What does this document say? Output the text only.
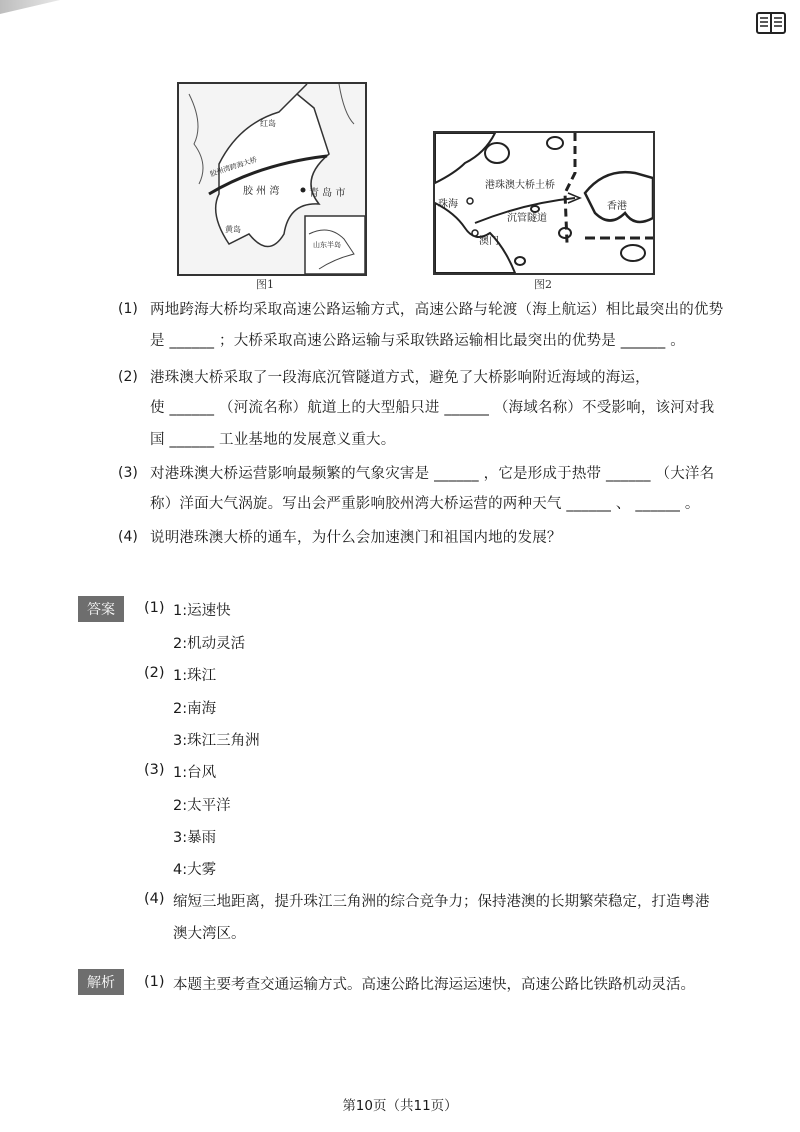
红岛
胶州湾跨海大桥
胶 州 湾	青 岛 市
黄岛
山东半岛
图1
港珠澳大桥土桥
珠海
沉管隧道
香港
澳门
图2
(1) 两地跨海大桥均采取高速公路运输方式，高速公路与轮渡（海上航运）相比最突出的优势
是 ______ ；大桥采取高速公路运输与采取铁路运输相比最突出的优势是 ______ 。
(2) 港珠澳大桥采取了一段海底沉管隧道方式，避免了大桥影响附近海域的海运，
使 ______ （河流名称）航道上的大型船只进 ______ （海域名称）不受影响，该河对我
国 ______ 工业基地的发展意义重大。
(3) 对港珠澳大桥运营影响最频繁的气象灾害是 ______ ，它是形成于热带 ______ （大洋名
称）洋面大气涡旋。写出会严重影响胶州湾大桥运营的两种天气 ______ 、 ______ 。
(4) 说明港珠澳大桥的通车，为什么会加速澳门和祖国内地的发展？
答案	(1) 1:运速快
2:机动灵活
(2) 1:珠江
2:南海
3:珠江三角洲
(3) 1:台风
2:太平洋
3:暴雨
4:大雾
(4) 缩短三地距离，提升珠江三角洲的综合竞争力；保持港澳的长期繁荣稳定，打造粤港
澳大湾区。
解析	(1) 本题主要考查交通运输方式。高速公路比海运运速快，高速公路比铁路机动灵活。
第10页（共11页）
